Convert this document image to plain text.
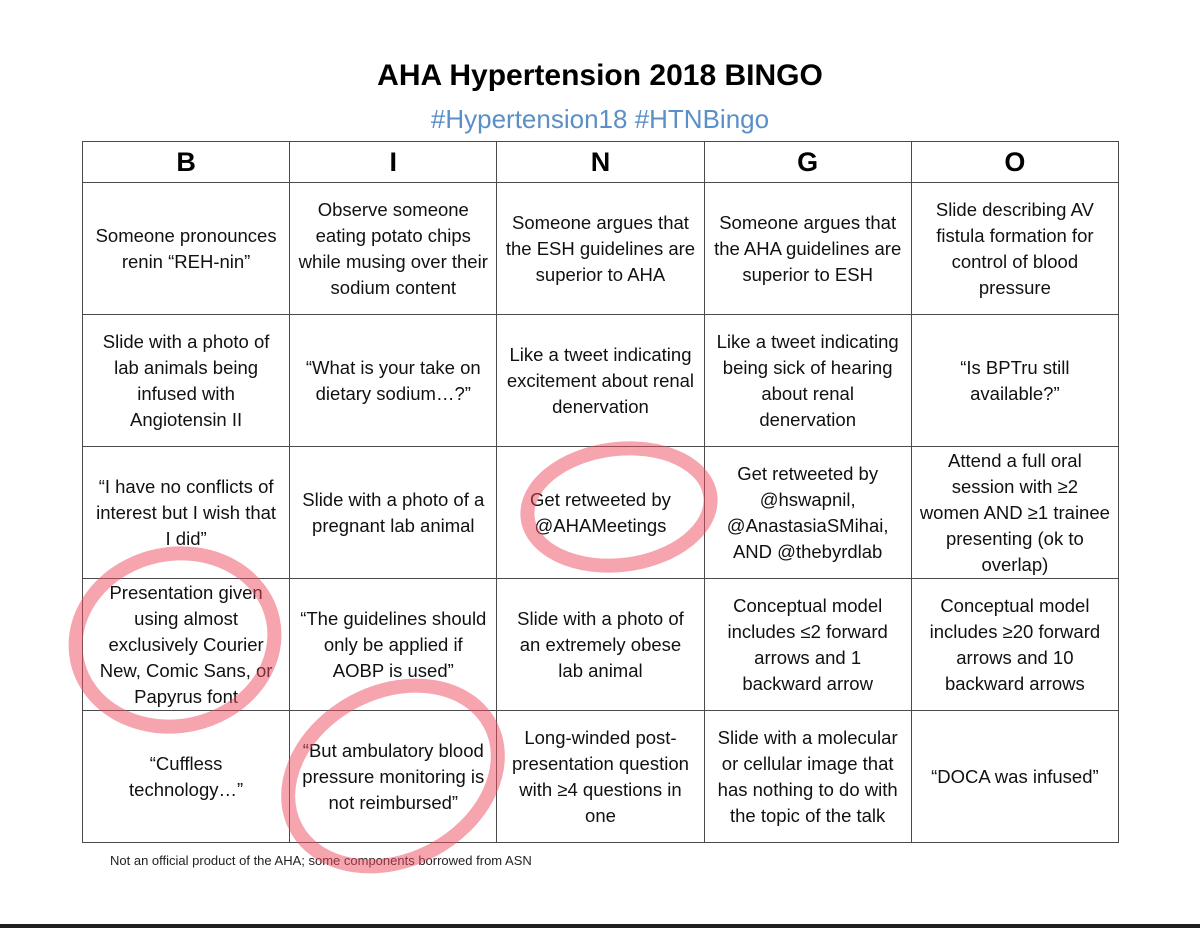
AHA Hypertension 2018 BINGO
#Hypertension18 #HTNBingo
B	I	N	G	O
Someone pronounces renin “REH-nin”	Observe someone eating potato chips while musing over their sodium content	Someone argues that the ESH guidelines are superior to AHA	Someone argues that the AHA guidelines are superior to ESH	Slide describing AV fistula formation for control of blood pressure
Slide with a photo of lab animals being infused with Angiotensin II	“What is your take on dietary sodium…?”	Like a tweet indicating excitement about renal denervation	Like a tweet indicating being sick of hearing about renal denervation	“Is BPTru still available?”
“I have no conflicts of interest but I wish that I did”	Slide with a photo of a pregnant lab animal	Get retweeted by @AHAMeetings	Get retweeted by @hswapnil, @AnastasiaSMihai, AND @thebyrdlab	Attend a full oral session with ≥2 women AND ≥1 trainee presenting (ok to overlap)
Presentation given using almost exclusively Courier New, Comic Sans, or Papyrus font	“The guidelines should only be applied if AOBP is used”	Slide with a photo of an extremely obese lab animal	Conceptual model includes ≤2 forward arrows and 1 backward arrow	Conceptual model includes ≥20 forward arrows and 10 backward arrows
“Cuffless technology…”	“But ambulatory blood pressure monitoring is not reimbursed”	Long-winded post-presentation question with ≥4 questions in one	Slide with a molecular or cellular image that has nothing to do with the topic of the talk	“DOCA was infused”
Not an official product of the AHA; some components borrowed from ASN
